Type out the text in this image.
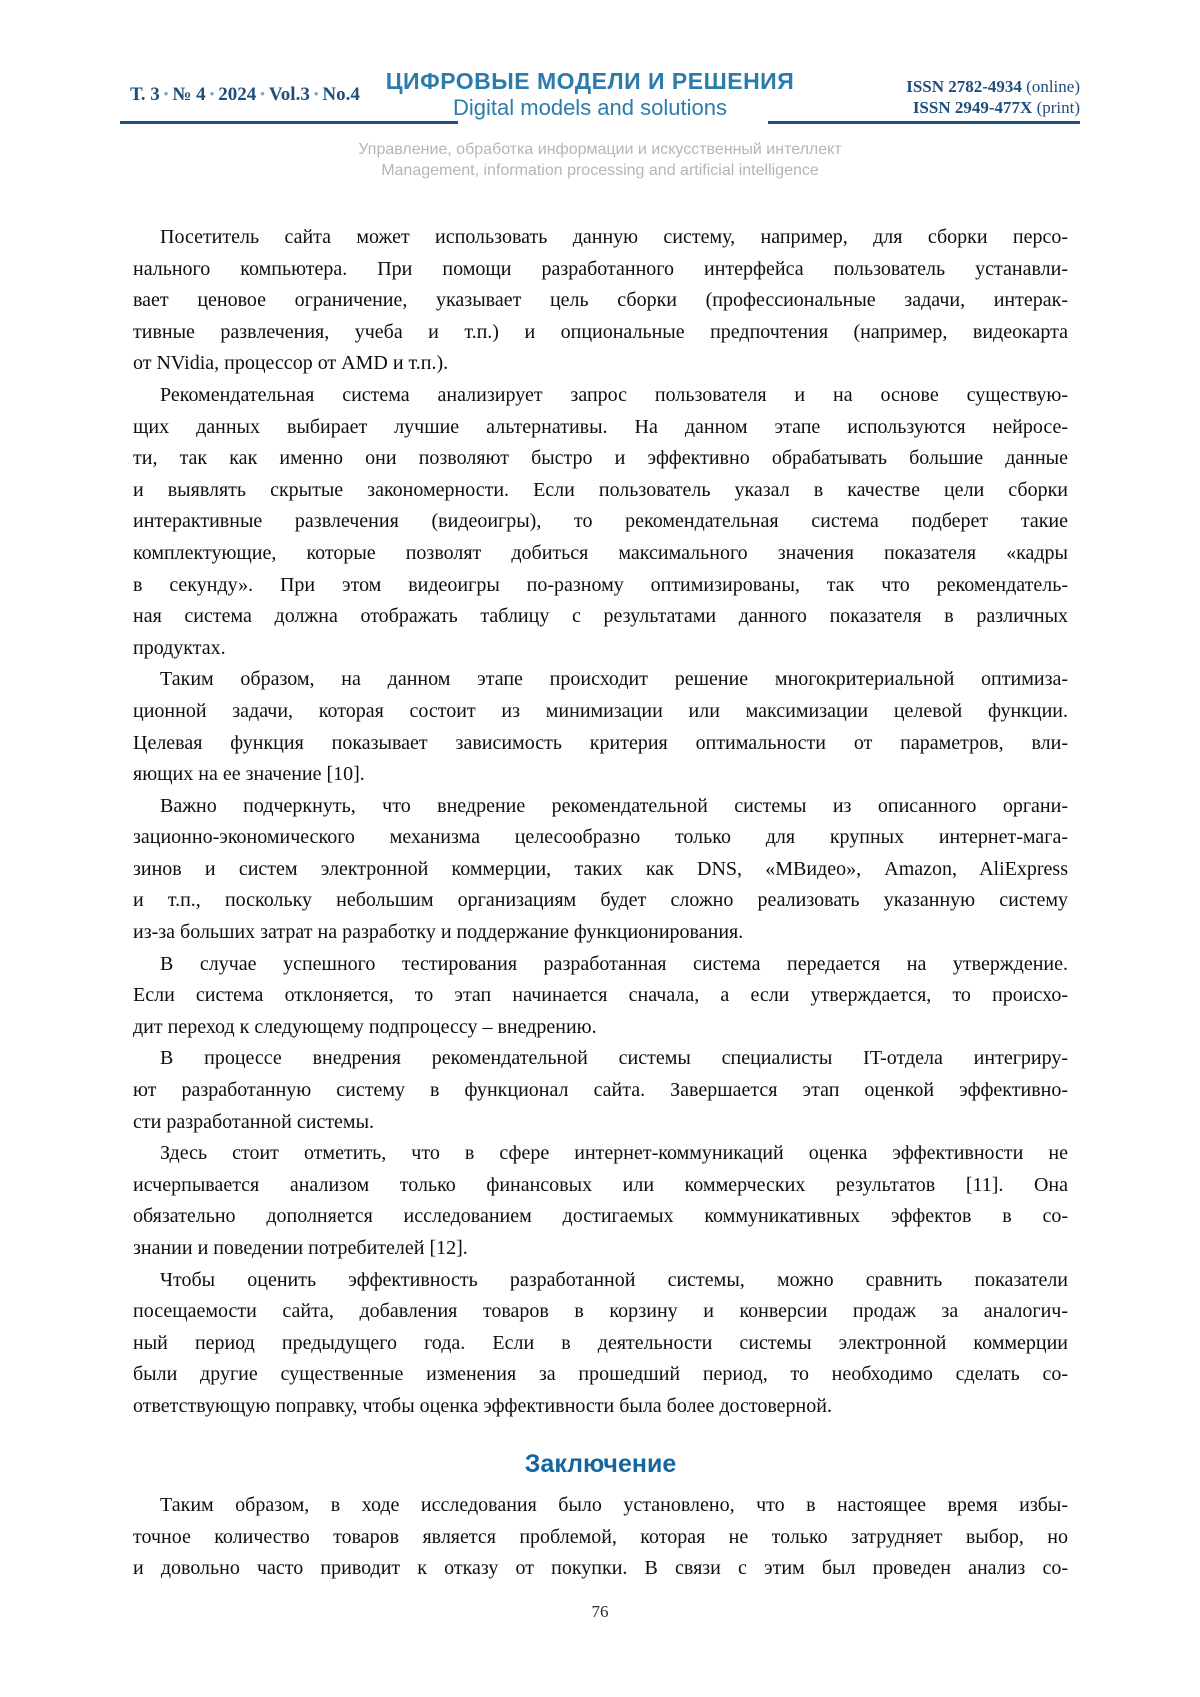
Т. 3 • № 4 • 2024 • Vol.3 • No.4
ЦИФРОВЫЕ МОДЕЛИ И РЕШЕНИЯ
Digital models and solutions
ISSN 2782-4934 (online)
ISSN 2949-477X (print)
Управление, обработка информации и искусственный интеллект
Management, information processing and artificial intelligence
Посетитель сайта может использовать данную систему, например, для сборки персо-
нального компьютера. При помощи разработанного интерфейса пользователь устанавли-
вает ценовое ограничение, указывает цель сборки (профессиональные задачи, интерак-
тивные развлечения, учеба и т.п.) и опциональные предпочтения (например, видеокарта
от NVidia, процессор от AMD и т.п.).
Рекомендательная система анализирует запрос пользователя и на основе существую-
щих данных выбирает лучшие альтернативы. На данном этапе используются нейросе-
ти, так как именно они позволяют быстро и эффективно обрабатывать большие данные
и выявлять скрытые закономерности. Если пользователь указал в качестве цели сборки
интерактивные развлечения (видеоигры), то рекомендательная система подберет такие
комплектующие, которые позволят добиться максимального значения показателя «кадры
в секунду». При этом видеоигры по-разному оптимизированы, так что рекомендатель-
ная система должна отображать таблицу с результатами данного показателя в различных
продуктах.
Таким образом, на данном этапе происходит решение многокритериальной оптимиза-
ционной задачи, которая состоит из минимизации или максимизации целевой функции.
Целевая функция показывает зависимость критерия оптимальности от параметров, вли-
яющих на ее значение [10].
Важно подчеркнуть, что внедрение рекомендательной системы из описанного органи-
зационно-экономического механизма целесообразно только для крупных интернет-мага-
зинов и систем электронной коммерции, таких как DNS, «МВидео», Amazon, AliExpress
и т.п., поскольку небольшим организациям будет сложно реализовать указанную систему
из-за больших затрат на разработку и поддержание функционирования.
В случае успешного тестирования разработанная система передается на утверждение.
Если система отклоняется, то этап начинается сначала, а если утверждается, то происхо-
дит переход к следующему подпроцессу – внедрению.
В процессе внедрения рекомендательной системы специалисты IT-отдела интегриру-
ют разработанную систему в функционал сайта. Завершается этап оценкой эффективно-
сти разработанной системы.
Здесь стоит отметить, что в сфере интернет-коммуникаций оценка эффективности не
исчерпывается анализом только финансовых или коммерческих результатов [11]. Она
обязательно дополняется исследованием достигаемых коммуникативных эффектов в со-
знании и поведении потребителей [12].
Чтобы оценить эффективность разработанной системы, можно сравнить показатели
посещаемости сайта, добавления товаров в корзину и конверсии продаж за аналогич-
ный период предыдущего года. Если в деятельности системы электронной коммерции
были другие существенные изменения за прошедший период, то необходимо сделать со-
ответствующую поправку, чтобы оценка эффективности была более достоверной.
Заключение
Таким образом, в ходе исследования было установлено, что в настоящее время избы-
точное количество товаров является проблемой, которая не только затрудняет выбор, но
и довольно часто приводит к отказу от покупки. В связи с этим был проведен анализ со-
76
